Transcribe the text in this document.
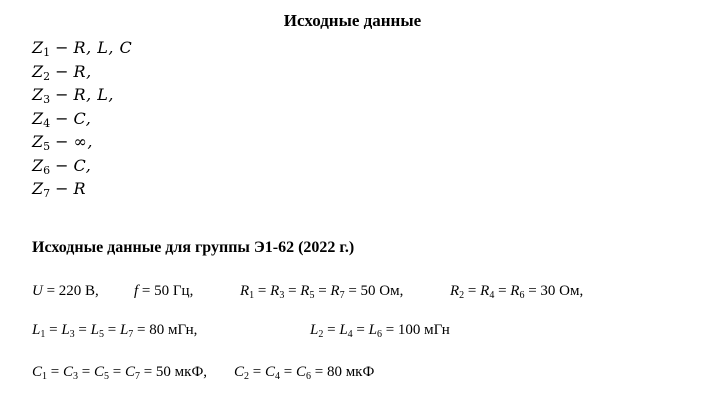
Исходные данные
$Z_1 - R$, L, C
$Z_2 - R$,
$Z_3 - R$, L,
$Z_4 - C$,
$Z_5$ − ∞,
$Z_6 - C$,
$Z_7 - R$
Исходные данные для группы Э1-62 (2022 г.)
U = 220 В, f = 50 Гц,	$R_1 = R_3 = R_5 = R_7 = 50$ Ом,	$R_2 = R_4 = R_6 = 30$ Ом,
$L_1 = L_3 = L_5 = L_7 = 80$ мГн,	$L_2 = L_4 = L_6 = 100$ мГн
$C_1 = C_3 = C_5 = C_7 = 50$ мкФ, $C_2 = C_4 = C_6 = 80$ мкФ
